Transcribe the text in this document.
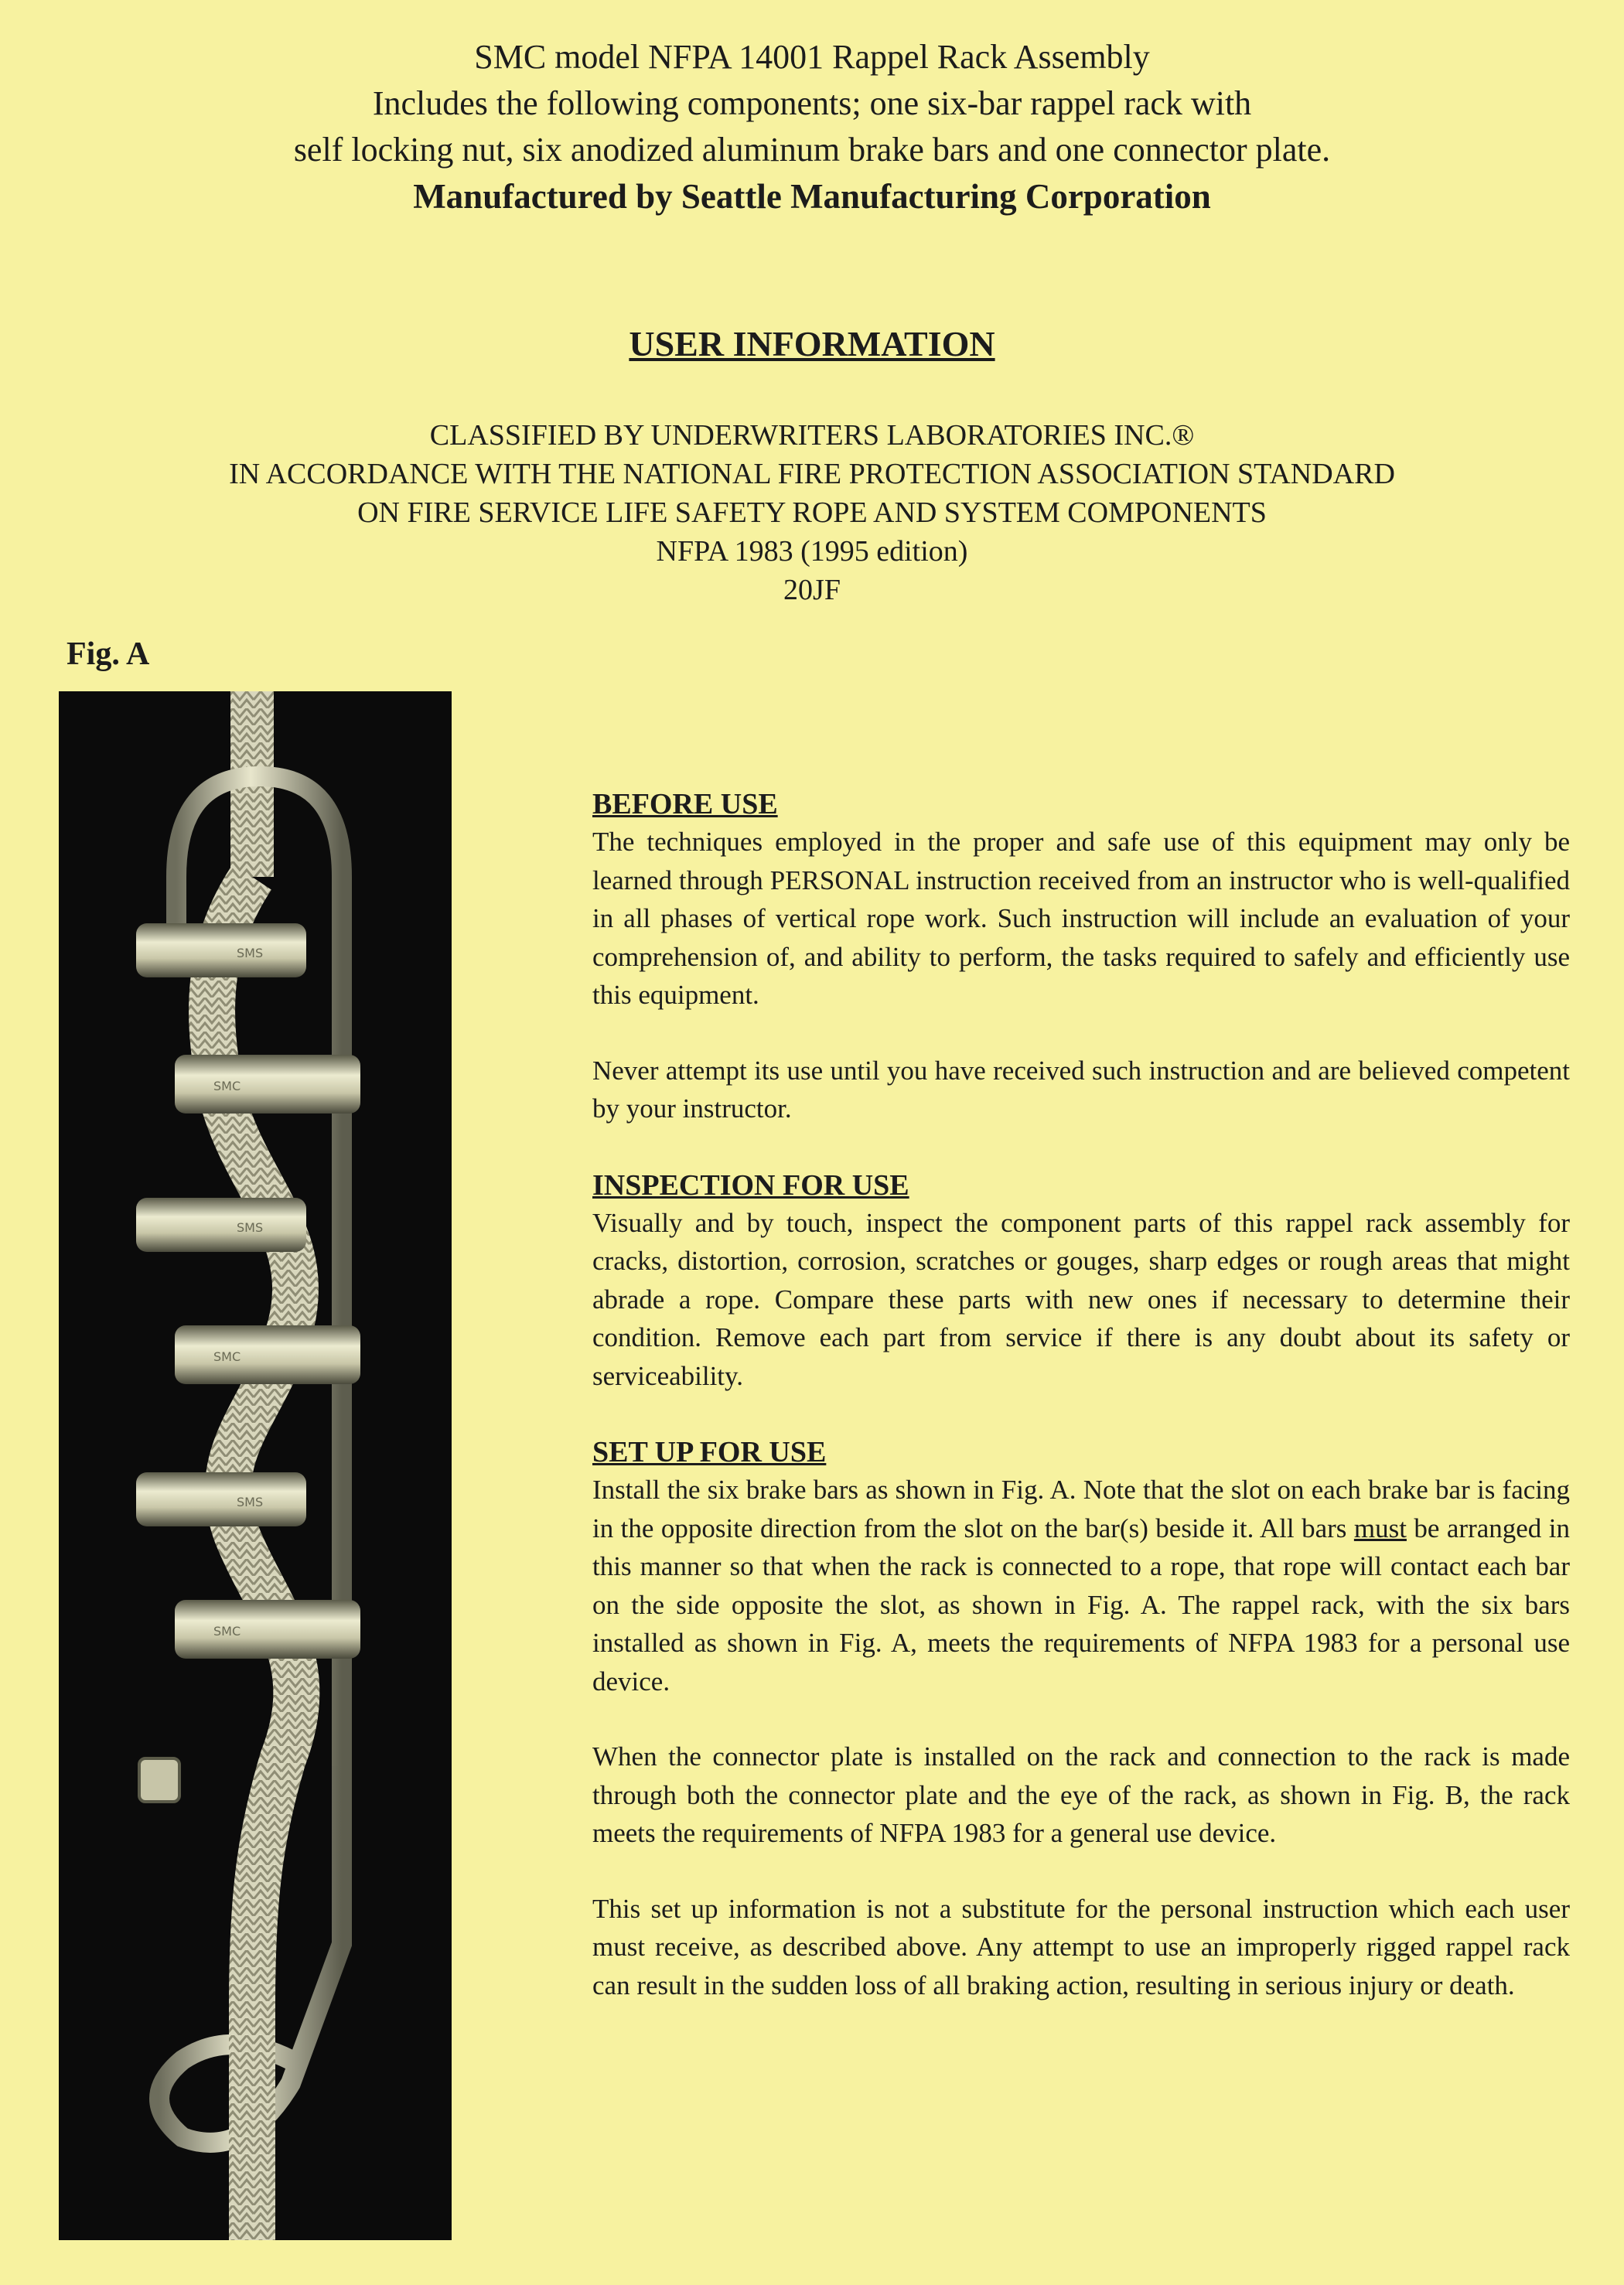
SMC model NFPA 14001 Rappel Rack Assembly
Includes the following components; one six-bar rappel rack with
self locking nut, six anodized aluminum brake bars and one connector plate.
Manufactured by Seattle Manufacturing Corporation
USER INFORMATION
CLASSIFIED BY UNDERWRITERS LABORATORIES INC.®
IN ACCORDANCE WITH THE NATIONAL FIRE PROTECTION ASSOCIATION STANDARD
ON FIRE SERVICE LIFE SAFETY ROPE AND SYSTEM COMPONENTS
NFPA 1983 (1995 edition)
20JF
Fig. A
SMS
SMC
SMS
SMC
SMS
SMC
BEFORE USE

The techniques employed in the proper and safe use of this equipment may only be learned through PERSONAL instruction received from an instructor who is well-qualified in all phases of vertical rope work. Such instruction will include an evaluation of your comprehension of, and ability to perform, the tasks required to safely and efficiently use this equipment.

Never attempt its use until you have received such instruction and are believed competent by your instructor.

INSPECTION FOR USE

Visually and by touch, inspect the component parts of this rappel rack assembly for cracks, distortion, corrosion, scratches or gouges, sharp edges or rough areas that might abrade a rope. Compare these parts with new ones if necessary to determine their condition. Remove each part from service if there is any doubt about its safety or serviceability.

SET UP FOR USE

Install the six brake bars as shown in Fig. A. Note that the slot on each brake bar is facing in the opposite direction from the slot on the bar(s) beside it. All bars must be arranged in this manner so that when the rack is connected to a rope, that rope will contact each bar on the side opposite the slot, as shown in Fig. A. The rappel rack, with the six bars installed as shown in Fig. A, meets the requirements of NFPA 1983 for a personal use device.

When the connector plate is installed on the rack and connection to the rack is made through both the connector plate and the eye of the rack, as shown in Fig. B, the rack meets the requirements of NFPA 1983 for a general use device.

This set up information is not a substitute for the personal instruction which each user must receive, as described above. Any attempt to use an improperly rigged rappel rack can result in the sudden loss of all braking action, resulting in serious injury or death.
